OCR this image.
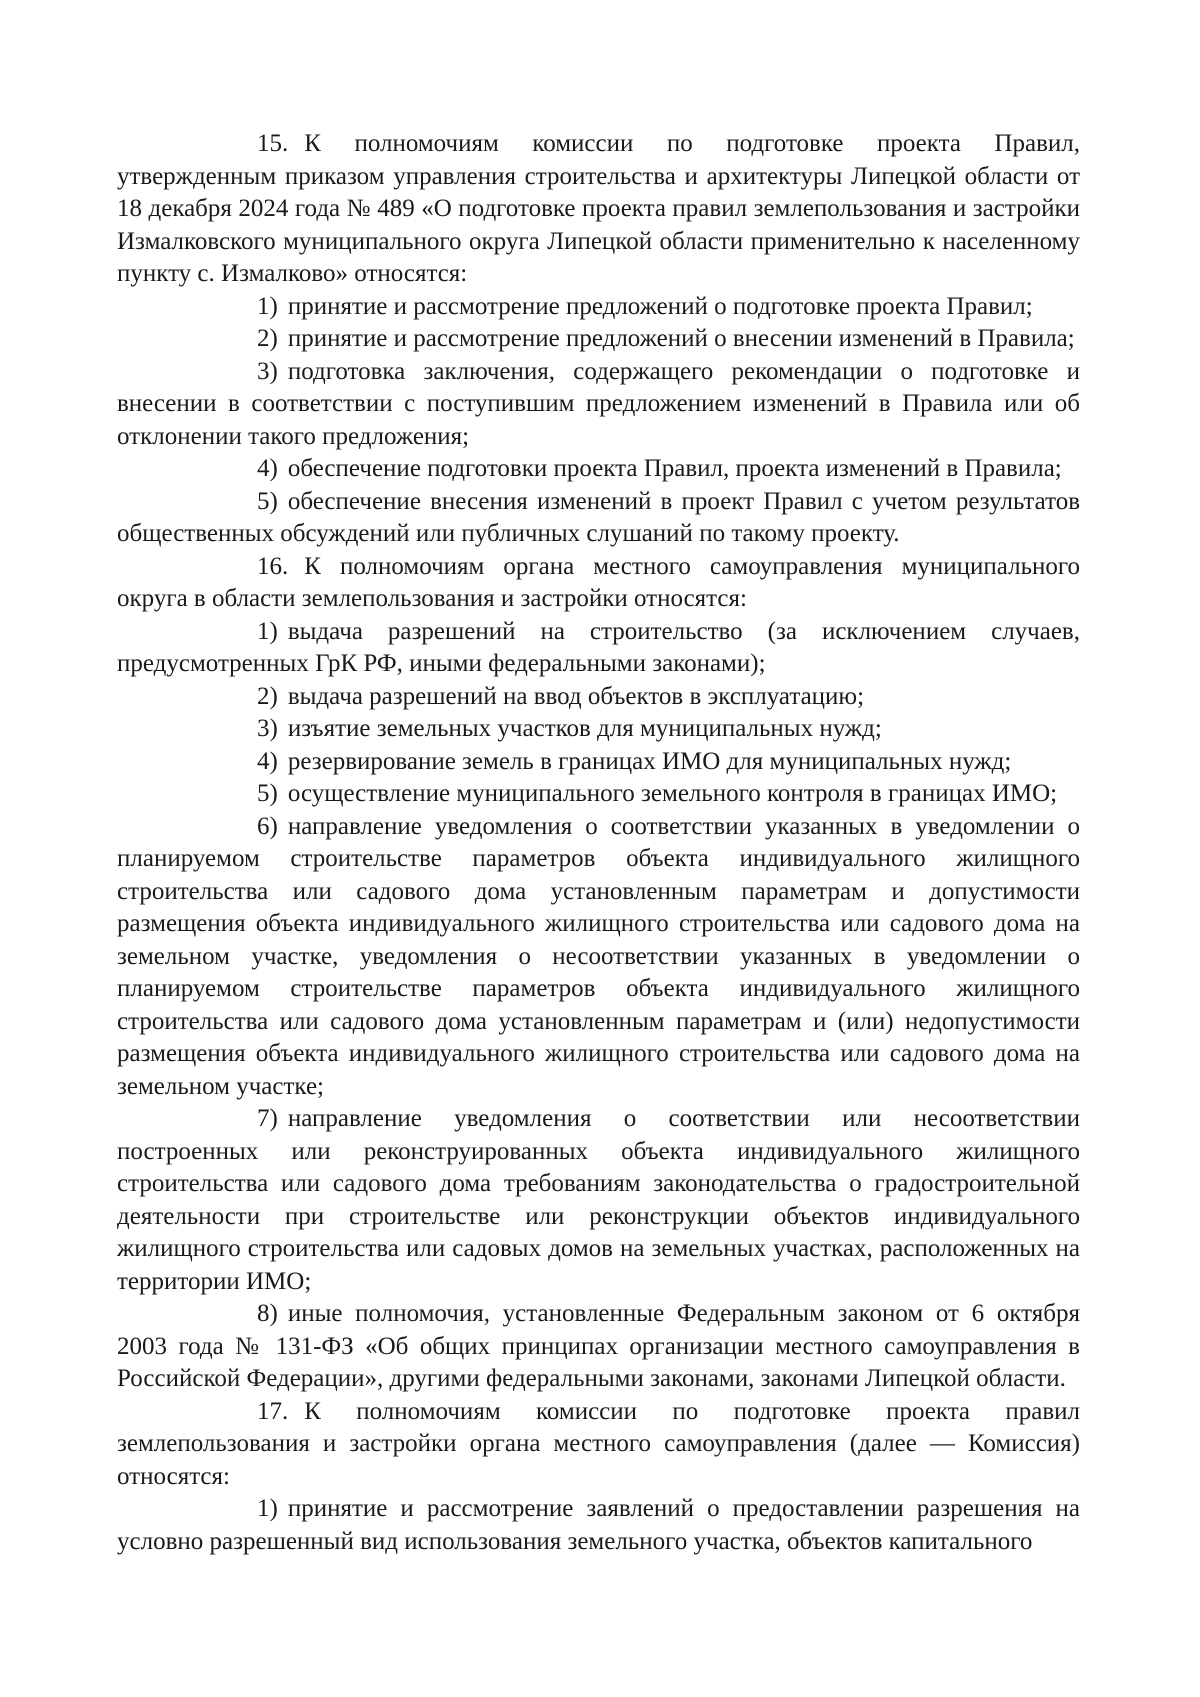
15. К полномочиям комиссии по подготовке проекта Правил, утвержденным приказом управления строительства и архитектуры Липецкой области от 18 декабря 2024 года № 489 «О подготовке проекта правил землепользования и застройки Измалковского муниципального округа Липецкой области применительно к населенному пункту с. Измалково» относятся:

1) принятие и рассмотрение предложений о подготовке проекта Правил;

2) принятие и рассмотрение предложений о внесении изменений в Правила;

3) подготовка заключения, содержащего рекомендации о подготовке и внесении в соответствии с поступившим предложением изменений в Правила или об отклонении такого предложения;

4) обеспечение подготовки проекта Правил, проекта изменений в Правила;

5) обеспечение внесения изменений в проект Правил с учетом результатов общественных обсуждений или публичных слушаний по такому проекту.

16. К полномочиям органа местного самоуправления муниципального округа в области землепользования и застройки относятся:

1) выдача разрешений на строительство (за исключением случаев, предусмотренных ГрК РФ, иными федеральными законами);

2) выдача разрешений на ввод объектов в эксплуатацию;

3) изъятие земельных участков для муниципальных нужд;

4) резервирование земель в границах ИМО для муниципальных нужд;

5) осуществление муниципального земельного контроля в границах ИМО;

6) направление уведомления о соответствии указанных в уведомлении о планируемом строительстве параметров объекта индивидуального жилищного строительства или садового дома установленным параметрам и допустимости размещения объекта индивидуального жилищного строительства или садового дома на земельном участке, уведомления о несоответствии указанных в уведомлении о планируемом строительстве параметров объекта индивидуального жилищного строительства или садового дома установленным параметрам и (или) недопустимости размещения объекта индивидуального жилищного строительства или садового дома на земельном участке;

7) направление уведомления о соответствии или несоответствии построенных или реконструированных объекта индивидуального жилищного строительства или садового дома требованиям законодательства о градостроительной деятельности при строительстве или реконструкции объектов индивидуального жилищного строительства или садовых домов на земельных участках, расположенных на территории ИМО;

8) иные полномочия, установленные Федеральным законом от 6 октября 2003 года № 131-ФЗ «Об общих принципах организации местного самоуправления в Российской Федерации», другими федеральными законами, законами Липецкой области.

17. К полномочиям комиссии по подготовке проекта правил землепользования и застройки органа местного самоуправления (далее — Комиссия) относятся:

1) принятие и рассмотрение заявлений о предоставлении разрешения на условно разрешенный вид использования земельного участка, объектов капитального
